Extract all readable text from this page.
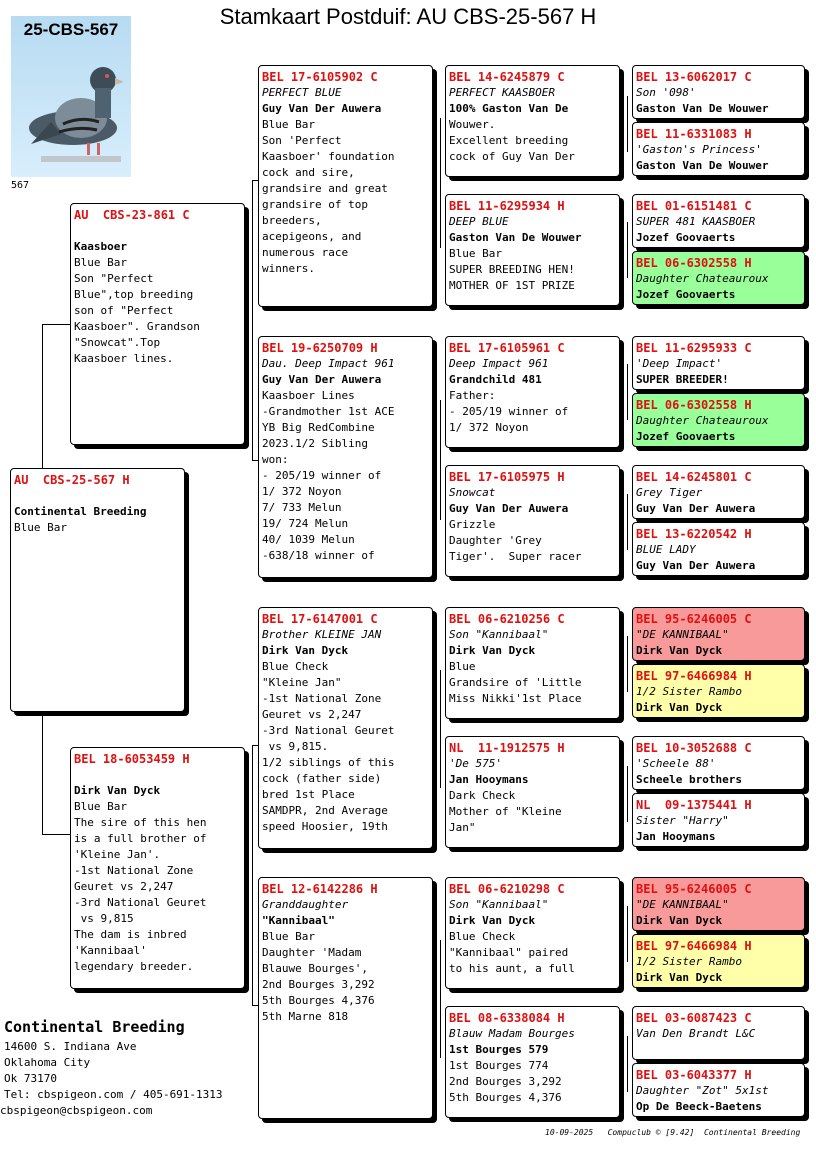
Stamkaart Postduif: AU CBS-25-567 H
25-CBS-567
567
AU  CBS-25-567 H

Continental Breeding
Blue Bar
AU  CBS-23-861 C

Kaasboer
Blue Bar
Son "Perfect
Blue",top breeding
son of "Perfect
Kaasboer". Grandson
"Snowcat".Top
Kaasboer lines.
BEL 18-6053459 H

Dirk Van Dyck
Blue Bar
The sire of this hen
is a full brother of
'Kleine Jan'.
-1st National Zone
Geuret vs 2,247
-3rd National Geuret
vs 9,815
The dam is inbred
'Kannibaal'
legendary breeder.
BEL 17-6105902 C
PERFECT BLUE
Guy Van Der Auwera
Blue Bar
Son 'Perfect
Kaasboer' foundation
cock and sire,
grandsire and great
grandsire of top
breeders,
acepigeons, and
numerous race
winners.
BEL 19-6250709 H
Dau. Deep Impact 961
Guy Van Der Auwera
Kaasboer Lines
-Grandmother 1st ACE
YB Big RedCombine
2023.1/2 Sibling
won:
- 205/19 winner of
1/ 372 Noyon
7/ 733 Melun
19/ 724 Melun
40/ 1039 Melun
-638/18 winner of
BEL 17-6147001 C
Brother KLEINE JAN
Dirk Van Dyck
Blue Check
"Kleine Jan"
-1st National Zone
Geuret vs 2,247
-3rd National Geuret
vs 9,815.
1/2 siblings of this
cock (father side)
bred 1st Place
SAMDPR, 2nd Average
speed Hoosier, 19th
BEL 12-6142286 H
Granddaughter
"Kannibaal"
Blue Bar
Daughter 'Madam
Blauwe Bourges',
2nd Bourges 3,292
5th Bourges 4,376
5th Marne 818
BEL 14-6245879 C
PERFECT KAASBOER
100% Gaston Van De
Wouwer.
Excellent breeding
cock of Guy Van Der
BEL 11-6295934 H
DEEP BLUE
Gaston Van De Wouwer
Blue Bar
SUPER BREEDING HEN!
MOTHER OF 1ST PRIZE
BEL 17-6105961 C
Deep Impact 961
Grandchild 481
Father:
- 205/19 winner of
1/ 372 Noyon
BEL 17-6105975 H
Snowcat
Guy Van Der Auwera
Grizzle
Daughter 'Grey
Tiger'.  Super racer
BEL 06-6210256 C
Son "Kannibaal"
Dirk Van Dyck
Blue
Grandsire of 'Little
Miss Nikki'1st Place
NL  11-1912575 H
'De 575'
Jan Hooymans
Dark Check
Mother of "Kleine
Jan"
BEL 06-6210298 C
Son "Kannibaal"
Dirk Van Dyck
Blue Check
"Kannibaal" paired
to his aunt, a full
BEL 08-6338084 H
Blauw Madam Bourges
1st Bourges 579
1st Bourges 774
2nd Bourges 3,292
5th Bourges 4,376
BEL 13-6062017 C
Son '098'
Gaston Van De Wouwer
BEL 11-6331083 H
'Gaston's Princess'
Gaston Van De Wouwer
BEL 01-6151481 C
SUPER 481 KAASBOER
Jozef Goovaerts
BEL 06-6302558 H
Daughter Chateauroux
Jozef Goovaerts
BEL 11-6295933 C
'Deep Impact'
SUPER BREEDER!
BEL 06-6302558 H
Daughter Chateauroux
Jozef Goovaerts
BEL 14-6245801 C
Grey Tiger
Guy Van Der Auwera
BEL 13-6220542 H
BLUE LADY
Guy Van Der Auwera
BEL 95-6246005 C
"DE KANNIBAAL"
Dirk Van Dyck
BEL 97-6466984 H
1/2 Sister Rambo
Dirk Van Dyck
BEL 10-3052688 C
'Scheele 88'
Scheele brothers
NL  09-1375441 H
Sister "Harry"
Jan Hooymans
BEL 95-6246005 C
"DE KANNIBAAL"
Dirk Van Dyck
BEL 97-6466984 H
1/2 Sister Rambo
Dirk Van Dyck
BEL 03-6087423 C
Van Den Brandt L&C
BEL 03-6043377 H
Daughter "Zot" 5x1st
Op De Beeck-Baetens
Continental Breeding
14600 S. Indiana Ave
Oklahoma City
Ok 73170
Tel: cbspigeon.com / 405-691-1313
cbspigeon@cbspigeon.com
10-09-2025   Compuclub © [9.42]  Continental Breeding
